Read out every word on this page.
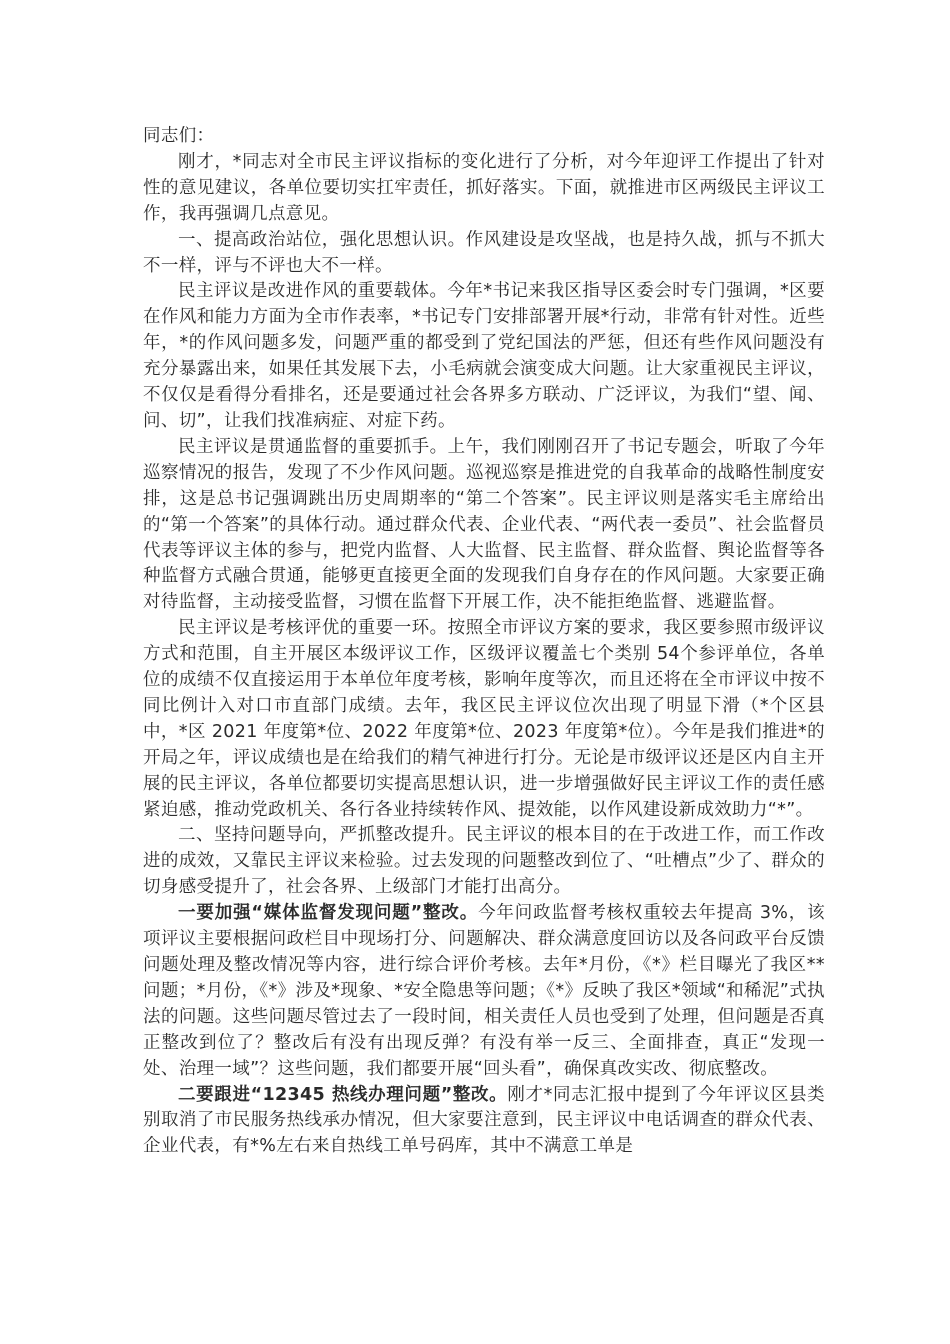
同志们：

刚才，*同志对全市民主评议指标的变化进行了分析，对今年迎评工作提出了针对性的意见建议，各单位要切实扛牢责任，抓好落实。下面，就推进市区两级民主评议工作，我再强调几点意见。

一、提高政治站位，强化思想认识。作风建设是攻坚战，也是持久战，抓与不抓大不一样，评与不评也大不一样。

民主评议是改进作风的重要载体。今年*书记来我区指导区委会时专门强调，*区要在作风和能力方面为全市作表率，*书记专门安排部署开展*行动，非常有针对性。近些年，*的作风问题多发，问题严重的都受到了党纪国法的严惩，但还有些作风问题没有充分暴露出来，如果任其发展下去，小毛病就会演变成大问题。让大家重视民主评议，不仅仅是看得分看排名，还是要通过社会各界多方联动、广泛评议，为我们“望、闻、问、切”，让我们找准病症、对症下药。

民主评议是贯通监督的重要抓手。上午，我们刚刚召开了书记专题会，听取了今年巡察情况的报告，发现了不少作风问题。巡视巡察是推进党的自我革命的战略性制度安排，这是总书记强调跳出历史周期率的“第二个答案”。民主评议则是落实毛主席给出的“第一个答案”的具体行动。通过群众代表、企业代表、“两代表一委员”、社会监督员代表等评议主体的参与，把党内监督、人大监督、民主监督、群众监督、舆论监督等各种监督方式融合贯通，能够更直接更全面的发现我们自身存在的作风问题。大家要正确对待监督，主动接受监督，习惯在监督下开展工作，决不能拒绝监督、逃避监督。

民主评议是考核评优的重要一环。按照全市评议方案的要求，我区要参照市级评议方式和范围，自主开展区本级评议工作，区级评议覆盖七个类别 54个参评单位，各单位的成绩不仅直接运用于本单位年度考核，影响年度等次，而且还将在全市评议中按不同比例计入对口市直部门成绩。去年，我区民主评议位次出现了明显下滑（*个区县中，*区 2021 年度第*位、2022 年度第*位、2023 年度第*位）。今年是我们推进*的开局之年，评议成绩也是在给我们的精气神进行打分。无论是市级评议还是区内自主开展的民主评议，各单位都要切实提高思想认识，进一步增强做好民主评议工作的责任感紧迫感，推动党政机关、各行各业持续转作风、提效能，以作风建设新成效助力“*”。

二、坚持问题导向，严抓整改提升。民主评议的根本目的在于改进工作，而工作改进的成效，又靠民主评议来检验。过去发现的问题整改到位了、“吐槽点”少了、群众的切身感受提升了，社会各界、上级部门才能打出高分。

一要加强“媒体监督发现问题”整改。今年问政监督考核权重较去年提高 3%，该项评议主要根据问政栏目中现场打分、问题解决、群众满意度回访以及各问政平台反馈问题处理及整改情况等内容，进行综合评价考核。去年*月份，《*》栏目曝光了我区**问题；*月份，《*》涉及*现象、*安全隐患等问题；《*》反映了我区*领域“和稀泥”式执法的问题。这些问题尽管过去了一段时间，相关责任人员也受到了处理，但问题是否真正整改到位了？整改后有没有出现反弹？有没有举一反三、全面排查，真正“发现一处、治理一域”？这些问题，我们都要开展“回头看”，确保真改实改、彻底整改。

二要跟进“12345 热线办理问题”整改。刚才*同志汇报中提到了今年评议区县类别取消了市民服务热线承办情况，但大家要注意到，民主评议中电话调查的群众代表、企业代表，有*%左右来自热线工单号码库，其中不满意工单是
